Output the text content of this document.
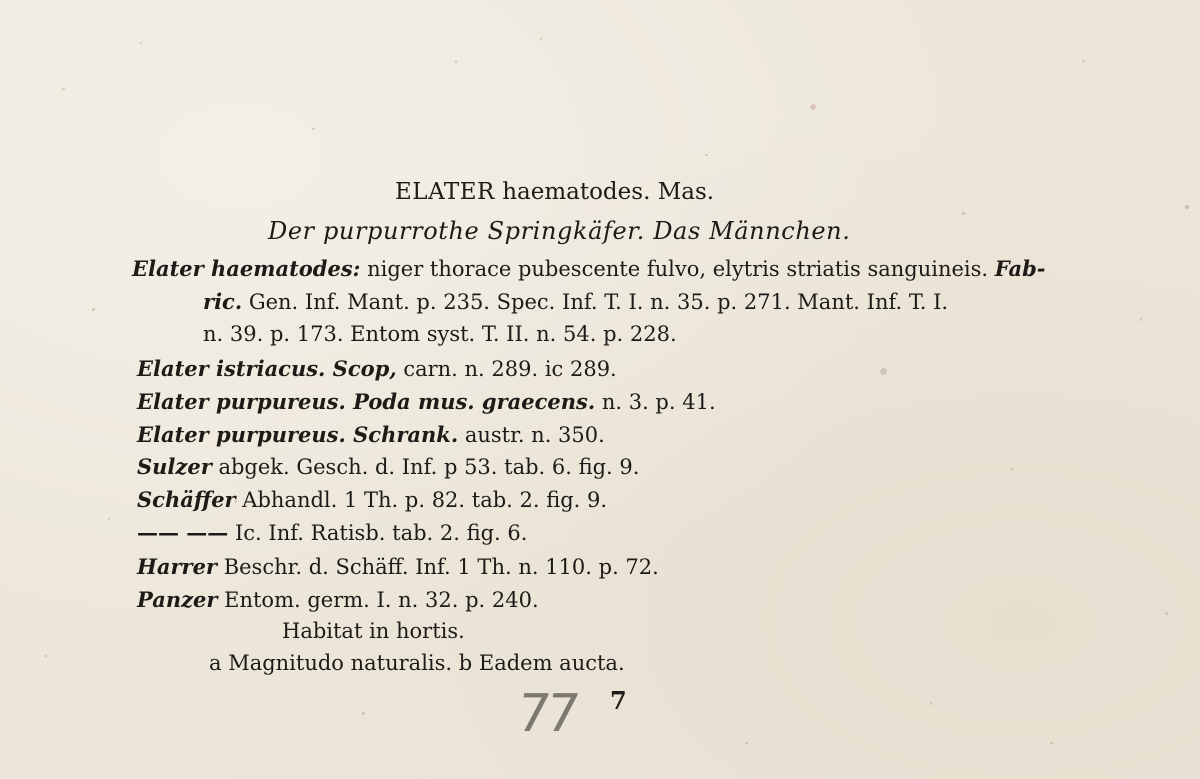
ELATER haematodes. Mas.
Der purpurrothe Springkäfer. Das Männchen.
Elater haematodes: niger thorace pubescente fulvo, elytris striatis sanguineis. Fab-
ric. Gen. Inf. Mant. p. 235. Spec. Inf. T. I. n. 35. p. 271. Mant. Inf. T. I.
n. 39. p. 173. Entom syst. T. II. n. 54. p. 228.
Elater istriacus. Scop, carn. n. 289. ic 289.
Elater purpureus. Poda mus. graecens. n. 3. p. 41.
Elater purpureus. Schrank. austr. n. 350.
Sulzer abgek. Gesch. d. Inf. p 53. tab. 6. fig. 9.
Schäffer Abhandl. 1 Th. p. 82. tab. 2. fig. 9.
—— —— Ic. Inf. Ratisb. tab. 2. fig. 6.
Harrer Beschr. d. Schäff. Inf. 1 Th. n. 110. p. 72.
Panzer Entom. germ. I. n. 32. p. 240.
Habitat in hortis.
a Magnitudo naturalis. b Eadem aucta.
77 7
